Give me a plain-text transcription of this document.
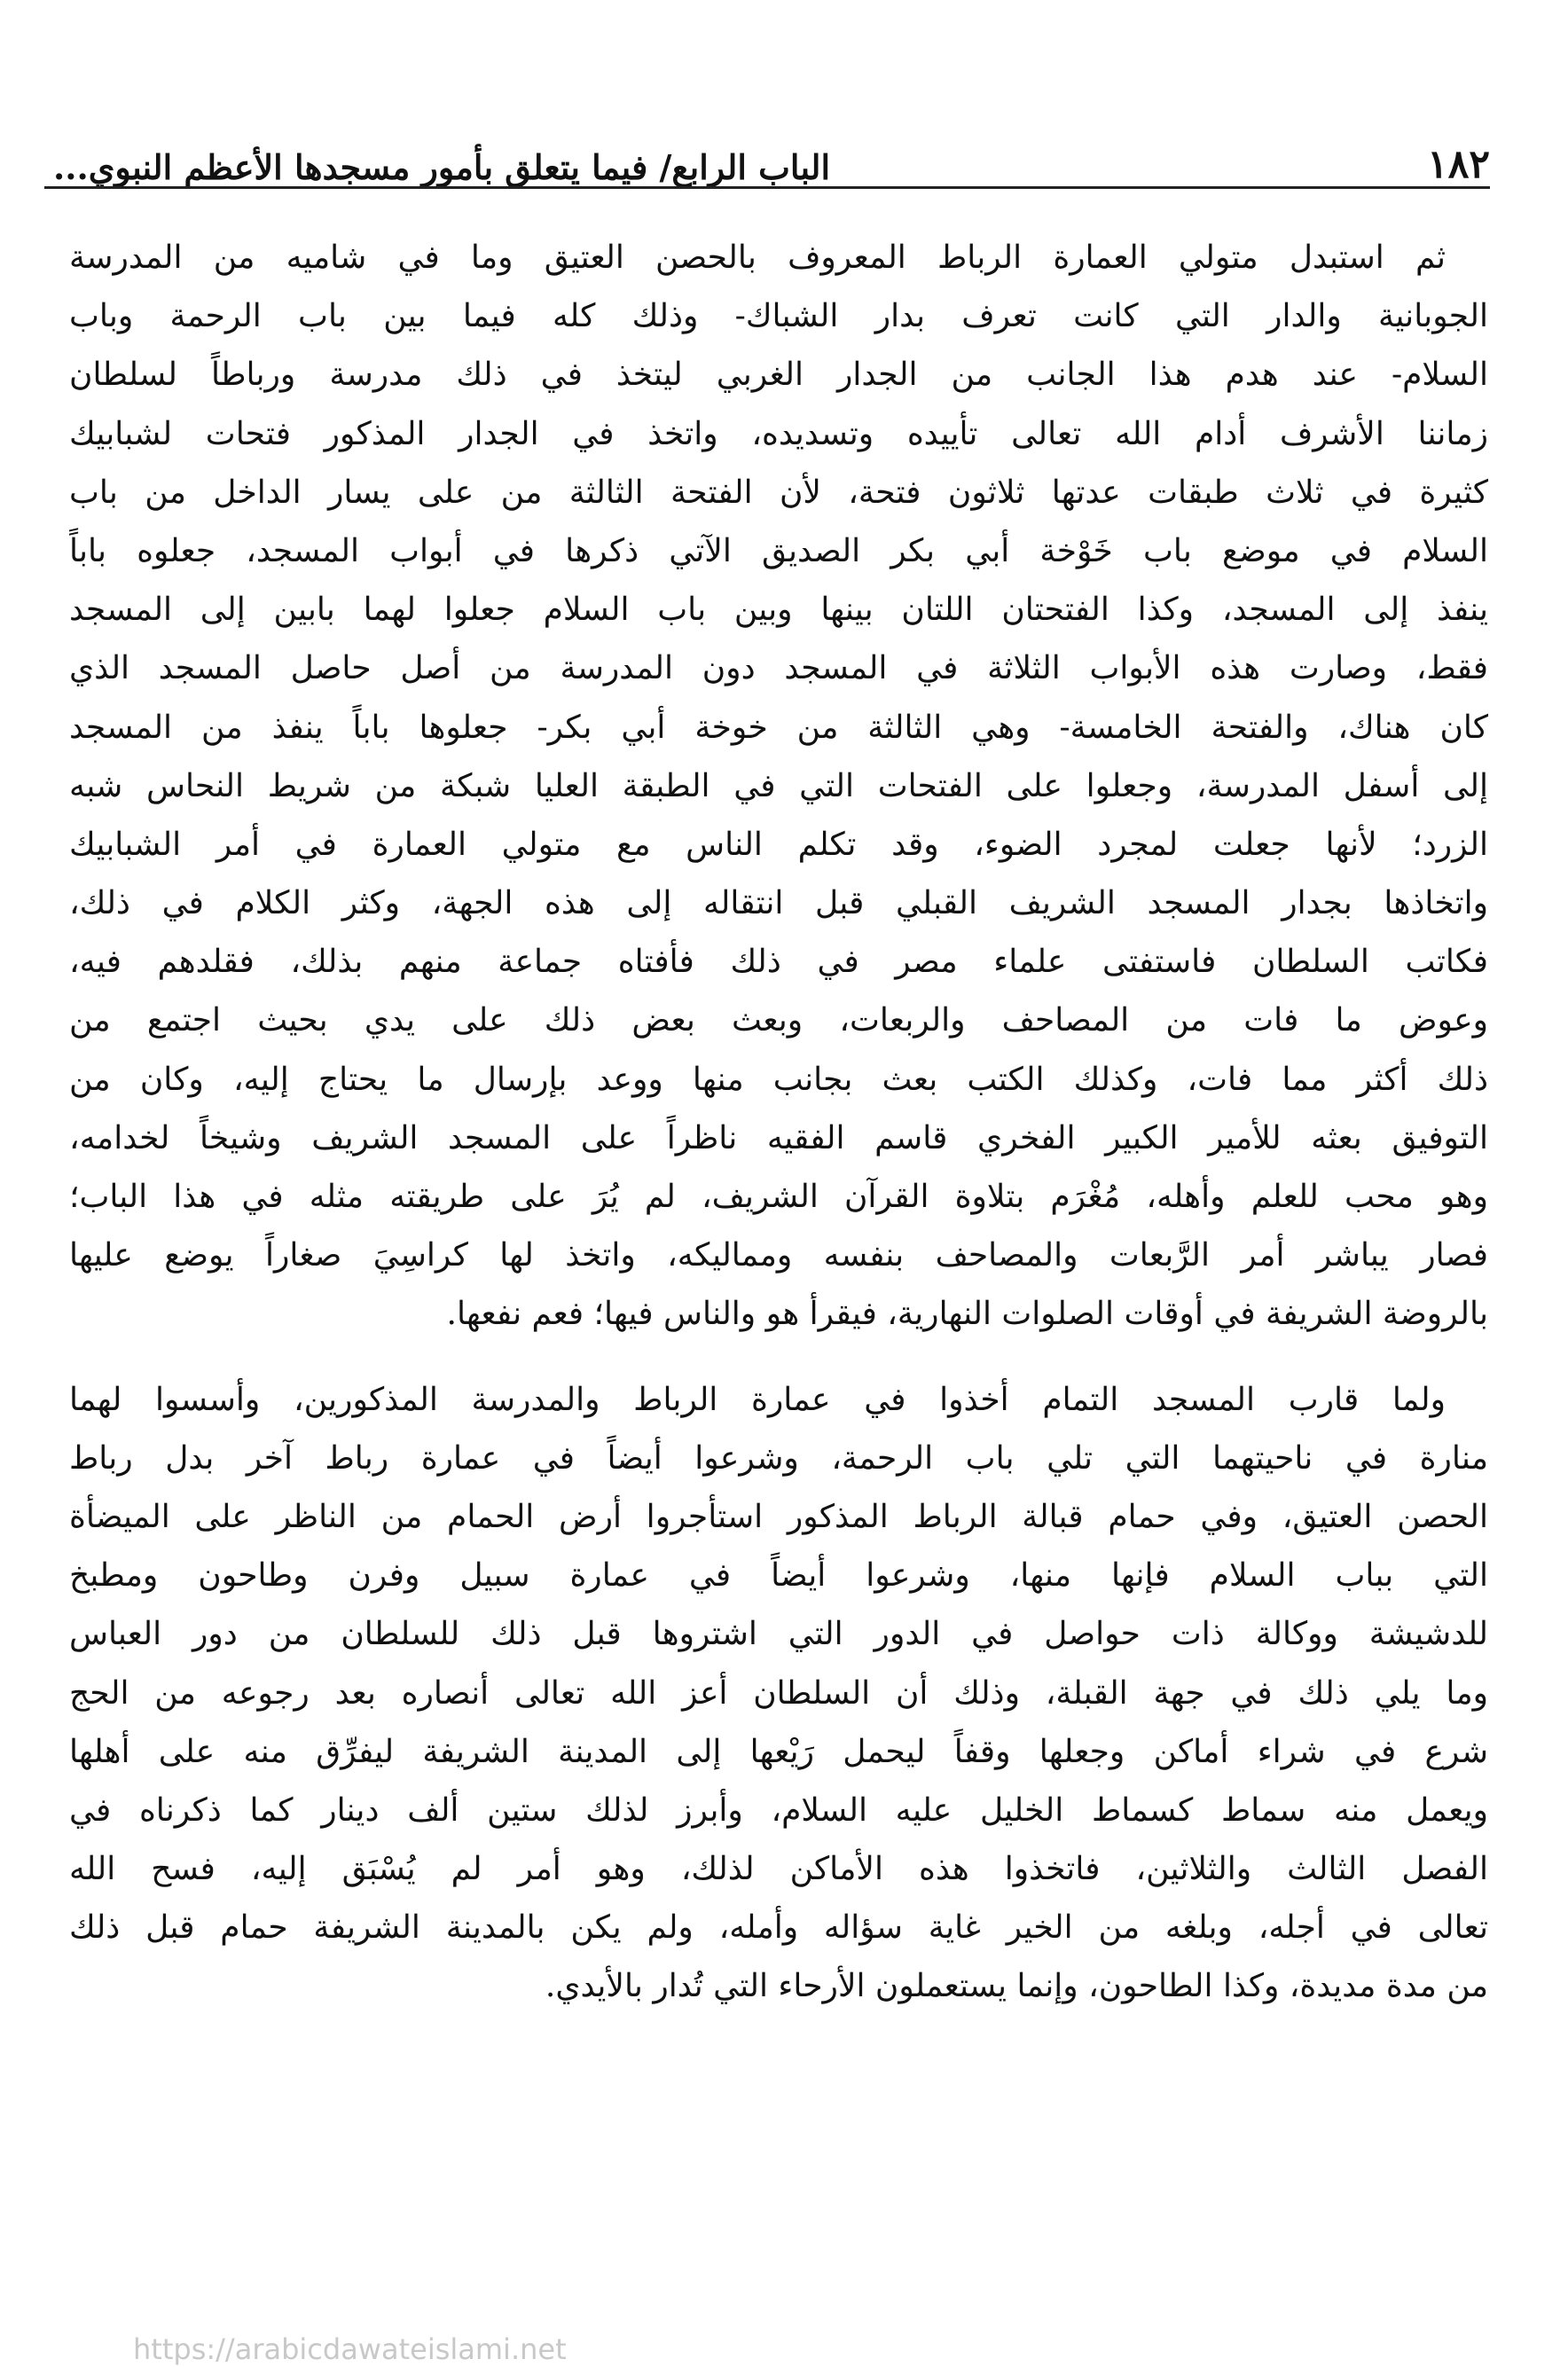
١٨٢
الباب الرابع/ فيما يتعلق بأمور مسجدها الأعظم النبوي...
ثم استبدل متولي العمارة الرباط المعروف بالحصن العتيق وما في شاميه من المدرسة
الجوبانية والدار التي كانت تعرف بدار الشباك- وذلك كله فيما بين باب الرحمة وباب
السلام- عند هدم هذا الجانب من الجدار الغربي ليتخذ في ذلك مدرسة ورباطاً لسلطان
زماننا الأشرف أدام الله تعالى تأييده وتسديده، واتخذ في الجدار المذكور فتحات لشبابيك
كثيرة في ثلاث طبقات عدتها ثلاثون فتحة، لأن الفتحة الثالثة من على يسار الداخل من باب
السلام في موضع باب خَوْخة أبي بكر الصديق الآتي ذكرها في أبواب المسجد، جعلوه باباً
ينفذ إلى المسجد، وكذا الفتحتان اللتان بينها وبين باب السلام جعلوا لهما بابين إلى المسجد
فقط، وصارت هذه الأبواب الثلاثة في المسجد دون المدرسة من أصل حاصل المسجد الذي
كان هناك، والفتحة الخامسة- وهي الثالثة من خوخة أبي بكر- جعلوها باباً ينفذ من المسجد
إلى أسفل المدرسة، وجعلوا على الفتحات التي في الطبقة العليا شبكة من شريط النحاس شبه
الزرد؛ لأنها جعلت لمجرد الضوء، وقد تكلم الناس مع متولي العمارة في أمر الشبابيك
واتخاذها بجدار المسجد الشريف القبلي قبل انتقاله إلى هذه الجهة، وكثر الكلام في ذلك،
فكاتب السلطان فاستفتى علماء مصر في ذلك فأفتاه جماعة منهم بذلك، فقلدهم فيه،
وعوض ما فات من المصاحف والربعات، وبعث بعض ذلك على يدي بحيث اجتمع من
ذلك أكثر مما فات، وكذلك الكتب بعث بجانب منها ووعد بإرسال ما يحتاج إليه، وكان من
التوفيق بعثه للأمير الكبير الفخري قاسم الفقيه ناظراً على المسجد الشريف وشيخاً لخدامه،
وهو محب للعلم وأهله، مُغْرَم بتلاوة القرآن الشريف، لم يُرَ على طريقته مثله في هذا الباب؛
فصار يباشر أمر الرَّبعات والمصاحف بنفسه ومماليكه، واتخذ لها كراسِيَ صغاراً يوضع عليها
بالروضة الشريفة في أوقات الصلوات النهارية، فيقرأ هو والناس فيها؛ فعم نفعها.
ولما قارب المسجد التمام أخذوا في عمارة الرباط والمدرسة المذكورين، وأسسوا لهما
منارة في ناحيتهما التي تلي باب الرحمة، وشرعوا أيضاً في عمارة رباط آخر بدل رباط
الحصن العتيق، وفي حمام قبالة الرباط المذكور استأجروا أرض الحمام من الناظر على الميضأة
التي بباب السلام فإنها منها، وشرعوا أيضاً في عمارة سبيل وفرن وطاحون ومطبخ
للدشيشة ووكالة ذات حواصل في الدور التي اشتروها قبل ذلك للسلطان من دور العباس
وما يلي ذلك في جهة القبلة، وذلك أن السلطان أعز الله تعالى أنصاره بعد رجوعه من الحج
شرع في شراء أماكن وجعلها وقفاً ليحمل رَيْعها إلى المدينة الشريفة ليفرِّق منه على أهلها
ويعمل منه سماط كسماط الخليل عليه السلام، وأبرز لذلك ستين ألف دينار كما ذكرناه في
الفصل الثالث والثلاثين، فاتخذوا هذه الأماكن لذلك، وهو أمر لم يُسْبَق إليه، فسح الله
تعالى في أجله، وبلغه من الخير غاية سؤاله وأمله، ولم يكن بالمدينة الشريفة حمام قبل ذلك
من مدة مديدة، وكذا الطاحون، وإنما يستعملون الأرحاء التي تُدار بالأيدي.
https://arabicdawateislami.net
